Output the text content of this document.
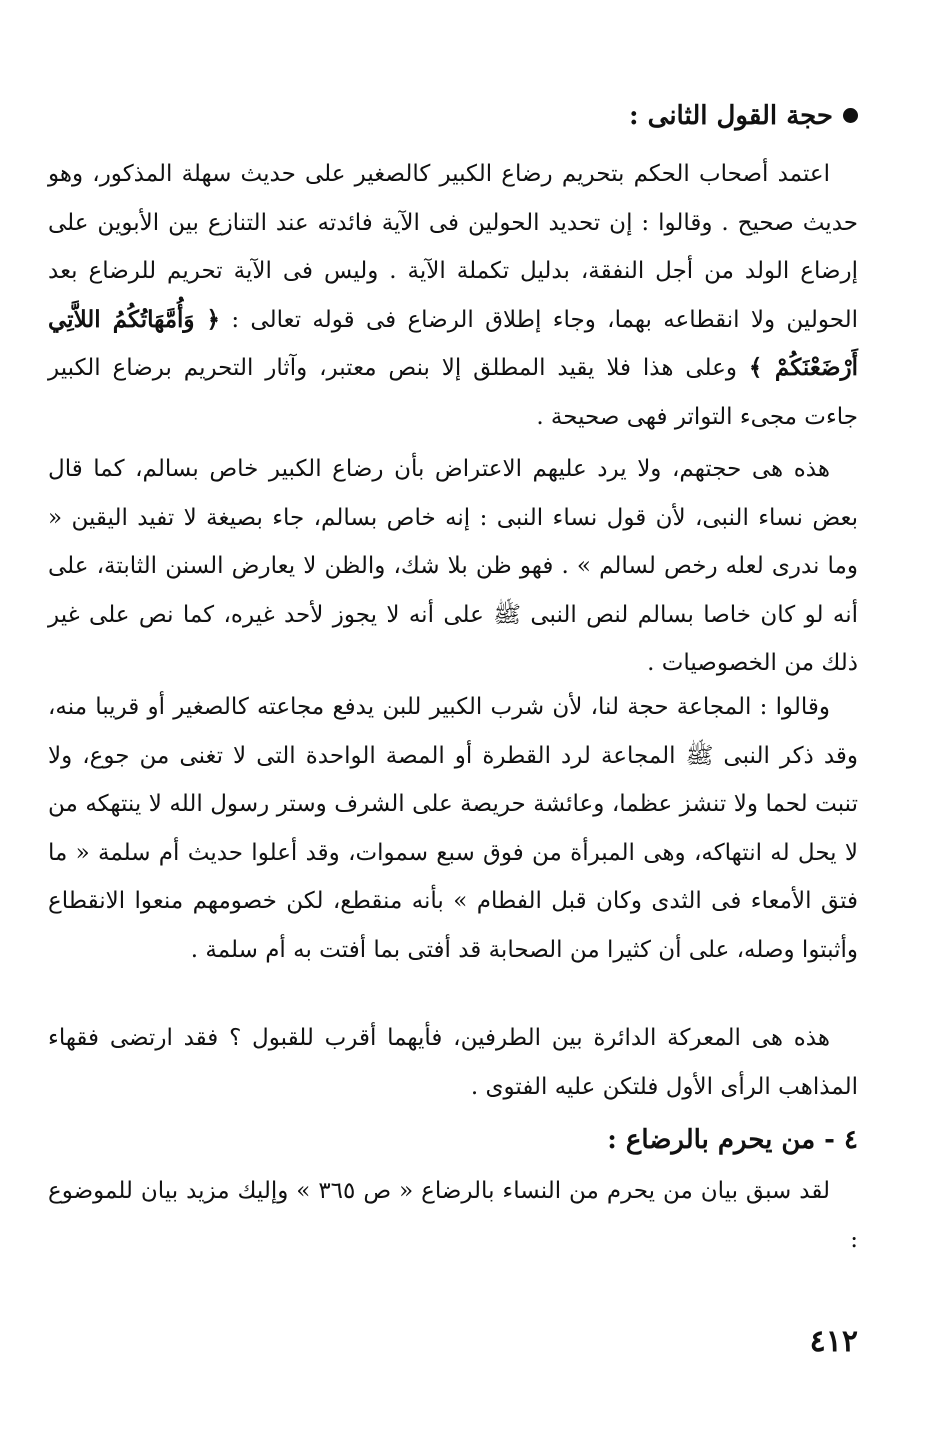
حجة القول الثانى :
اعتمد أصحاب الحكم بتحريم رضاع الكبير كالصغير على حديث سهلة المذكور، وهو حديث صحيح . وقالوا : إن تحديد الحولين فى الآية فائدته عند التنازع بين الأبوين على إرضاع الولد من أجل النفقة، بدليل تكملة الآية . وليس فى الآية تحريم للرضاع بعد الحولين ولا انقطاعه بهما، وجاء إطلاق الرضاع فى قوله تعالى : ﴿ وَأُمَّهَاتُكُمُ اللاَّتِي أَرْضَعْنَكُمْ ﴾ وعلى هذا فلا يقيد المطلق إلا بنص معتبر، وآثار التحريم برضاع الكبير جاءت مجىء التواتر فهى صحيحة .
هذه هى حجتهم، ولا يرد عليهم الاعتراض بأن رضاع الكبير خاص بسالم، كما قال بعض نساء النبى، لأن قول نساء النبى : إنه خاص بسالم، جاء بصيغة لا تفيد اليقين « وما ندرى لعله رخص لسالم » . فهو ظن بلا شك، والظن لا يعارض السنن الثابتة، على أنه لو كان خاصا بسالم لنص النبى ﷺ على أنه لا يجوز لأحد غيره، كما نص على غير ذلك من الخصوصيات .
وقالوا : المجاعة حجة لنا، لأن شرب الكبير للبن يدفع مجاعته كالصغير أو قريبا منه، وقد ذكر النبى ﷺ المجاعة لرد القطرة أو المصة الواحدة التى لا تغنى من جوع، ولا تنبت لحما ولا تنشز عظما، وعائشة حريصة على الشرف وستر رسول الله لا ينتهكه من لا يحل له انتهاكه، وهى المبرأة من فوق سبع سموات، وقد أعلوا حديث أم سلمة « ما فتق الأمعاء فى الثدى وكان قبل الفطام » بأنه منقطع، لكن خصومهم منعوا الانقطاع وأثبتوا وصله، على أن كثيرا من الصحابة قد أفتى بما أفتت به أم سلمة .
هذه هى المعركة الدائرة بين الطرفين، فأيهما أقرب للقبول ؟ فقد ارتضى فقهاء المذاهب الرأى الأول فلتكن عليه الفتوى .
٤ - من يحرم بالرضاع :
لقد سبق بيان من يحرم من النساء بالرضاع « ص ٣٦٥ » وإليك مزيد بيان للموضوع :
٤١٢
